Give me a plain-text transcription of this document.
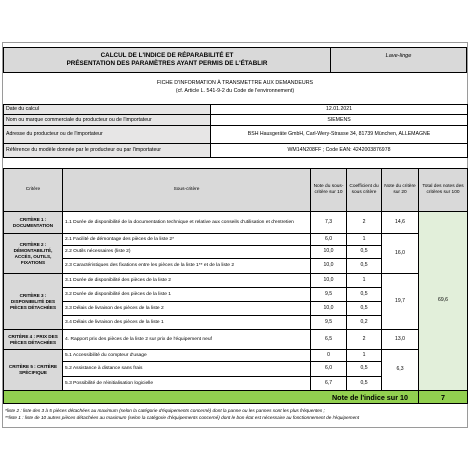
CALCUL DE L'INDICE DE RÉPARABILITÉ ET
PRÉSENTATION DES PARAMÈTRES AYANT PERMIS DE L'ÉTABLIR
Lave-linge
FICHE D'INFORMATION À TRANSMETTRE AUX DEMANDEURS
(cf. Article L. 541-9-2 du Code de l'environnement)
Date du calcul	12.01.2021
Nom ou marque commerciale du producteur ou de l'importateur	SIEMENS
Adresse du producteur ou de l'importateur	BSH Hausgeräte GmbH, Carl-Wery-Strasse 34, 81739 München, ALLEMAGNE
Référence du modèle donnée par le producteur ou par l'importateur	WM14N208FF ; Code EAN: 4242003876978
Critère	Sous-critère	Note du sous-critère sur 10	Coefficient du sous critère	Note du critère sur 20	Total des notes des critères sur 100
CRITÈRE 1 : DOCUMENTATION	1.1 Durée de disponibilité de la documentation technique et relative aux conseils d'utilisation et d'entretien	7,3	2	14,6	69,6
CRITÈRE 2 : DÉMONTABILITÉ, ACCÈS, OUTILS, FIXATIONS	2.1 Facilité de démontage des pièces de la liste 2*	6,0	1	16,0	
	2.2 Outils nécessaires (liste 2)	10,0	0,5		
	2.3 Caractéristiques des fixations entre les pièces de la liste 1** et de la liste 2	10,0	0,5		
CRITÈRE 3 : DISPONIBILITÉ DES PIÈCES DÉTACHÉES	3.1 Durée de disponibilité des pièces de la liste 2	10,0	1	19,7	
	3.2 Durée de disponibilité des pièces de la liste 1	9,5	0,5		
	3.3 Délais de livraison des pièces de la liste 2	10,0	0,5		
	3.4 Délais de livraison des pièces de la liste 1	9,5	0,2		
CRITÈRE 4 : PRIX DES PIÈCES DÉTACHÉES	4. Rapport prix des pièces de la liste 2 sur prix de l'équipement neuf	6,5	2	13,0	
CRITÈRE 5 : CRITÈRE SPÉCIFIQUE	5.1 Accessibilité du compteur d'usage	0	1	6,3	
	5.2 Assistance à distance sans frais	6,0	0,5		
	5.3 Possibilité de réinitialisation logicielle	6,7	0,5		
Note de l'indice sur 10					7
*liste 2 : liste des 3 à 5 pièces détachées au maximum (selon la catégorie d'équipements concerné) dont la panne ou les pannes sont les plus fréquentes ;
**liste 1 : liste de 10 autres pièces détachées au maximum (selon la catégorie d'équipements concerné) dont le bon état est nécessaire au fonctionnement de l'équipement
